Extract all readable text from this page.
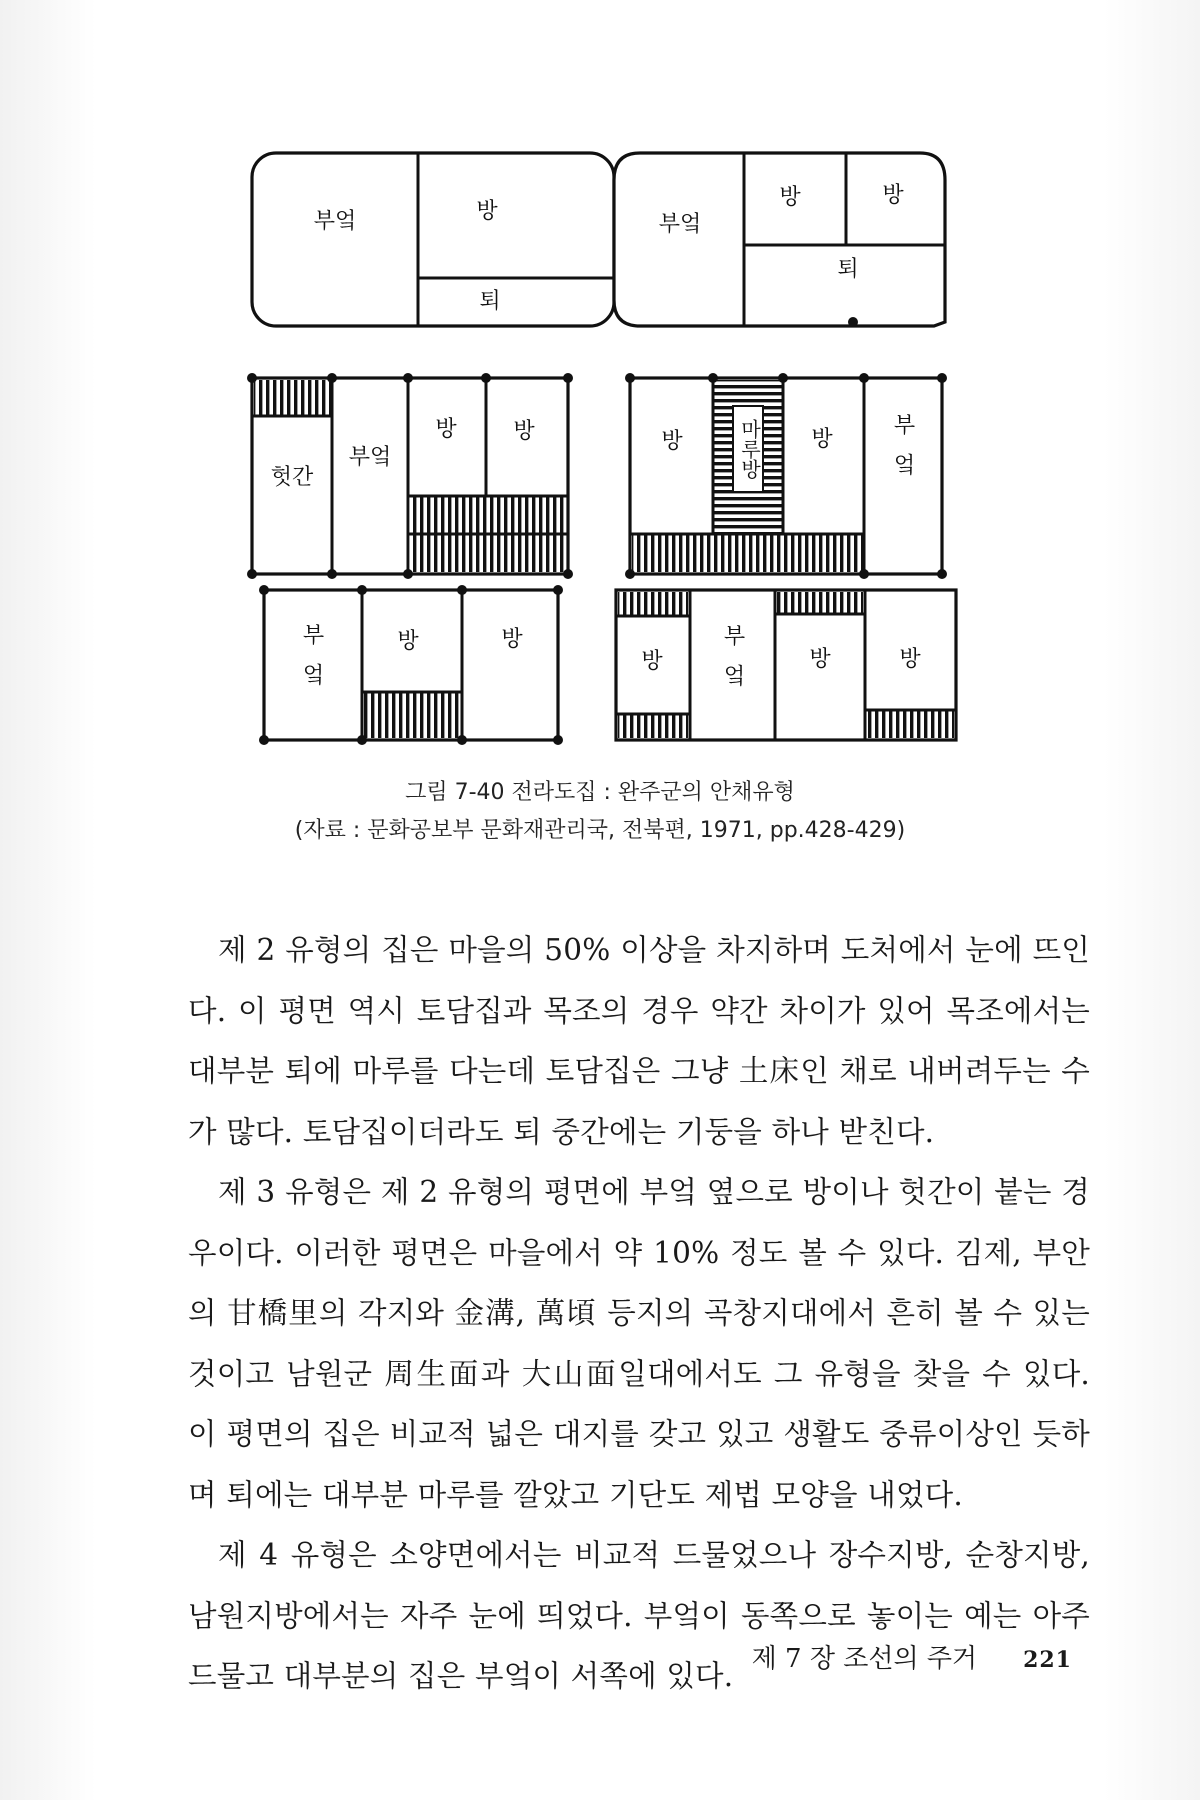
부엌	방
퇴
부엌
방	방
퇴
헛간
부엌
방	방	방	마루방 방	부엌
부엌	방	방
방	부엌	방	방
그림 7-40 전라도집 : 완주군의 안채유형
(자료 : 문화공보부 문화재관리국, 전북편, 1971, pp.428-429)

제 2 유형의 집은 마을의 50% 이상을 차지하며 도처에서 눈에 뜨인다. 이 평면 역시 토담집과 목조의 경우 약간 차이가 있어 목조에서는 대부분 퇴에 마루를 다는데 토담집은 그냥 土床인 채로 내버려두는 수가 많다. 토담집이더라도 퇴 중간에는 기둥을 하나 받친다.

제 3 유형은 제 2 유형의 평면에 부엌 옆으로 방이나 헛간이 붙는 경우이다. 이러한 평면은 마을에서 약 10% 정도 볼 수 있다. 김제, 부안의 甘橋里의 각지와 金溝, 萬頃 등지의 곡창지대에서 흔히 볼 수 있는 것이고 남원군 周生面과 大山面일대에서도 그 유형을 찾을 수 있다. 이 평면의 집은 비교적 넓은 대지를 갖고 있고 생활도 중류이상인 듯하며 퇴에는 대부분 마루를 깔았고 기단도 제법 모양을 내었다.

제 4 유형은 소양면에서는 비교적 드물었으나 장수지방, 순창지방, 남원지방에서는 자주 눈에 띄었다. 부엌이 동쪽으로 놓이는 예는 아주 드물고 대부분의 집은 부엌이 서쪽에 있다. 제 7 장 조선의 주거 221
